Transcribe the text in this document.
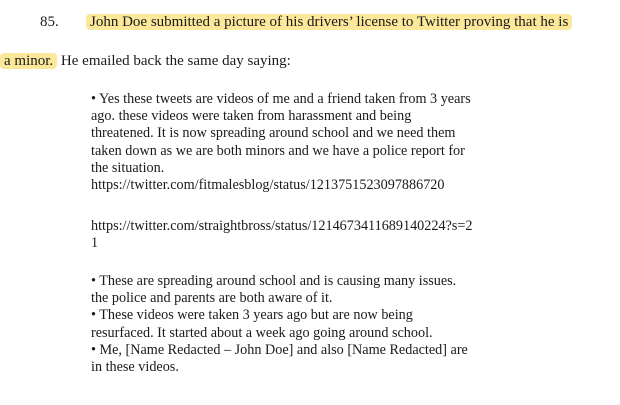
85. John Doe submitted a picture of his drivers’ license to Twitter proving that he is
a minor. He emailed back the same day saying:
• Yes these tweets are videos of me and a friend taken from 3 years
ago. these videos were taken from harassment and being
threatened. It is now spreading around school and we need them
taken down as we are both minors and we have a police report for
the situation.
https://twitter.com/fitmalesblog/status/1213751523097886720
https://twitter.com/straightbross/status/1214673411689140224?s=2
1
• These are spreading around school and is causing many issues.
the police and parents are both aware of it.
• These videos were taken 3 years ago but are now being
resurfaced. It started about a week ago going around school.
• Me, [Name Redacted – John Doe] and also [Name Redacted] are
in these videos.
